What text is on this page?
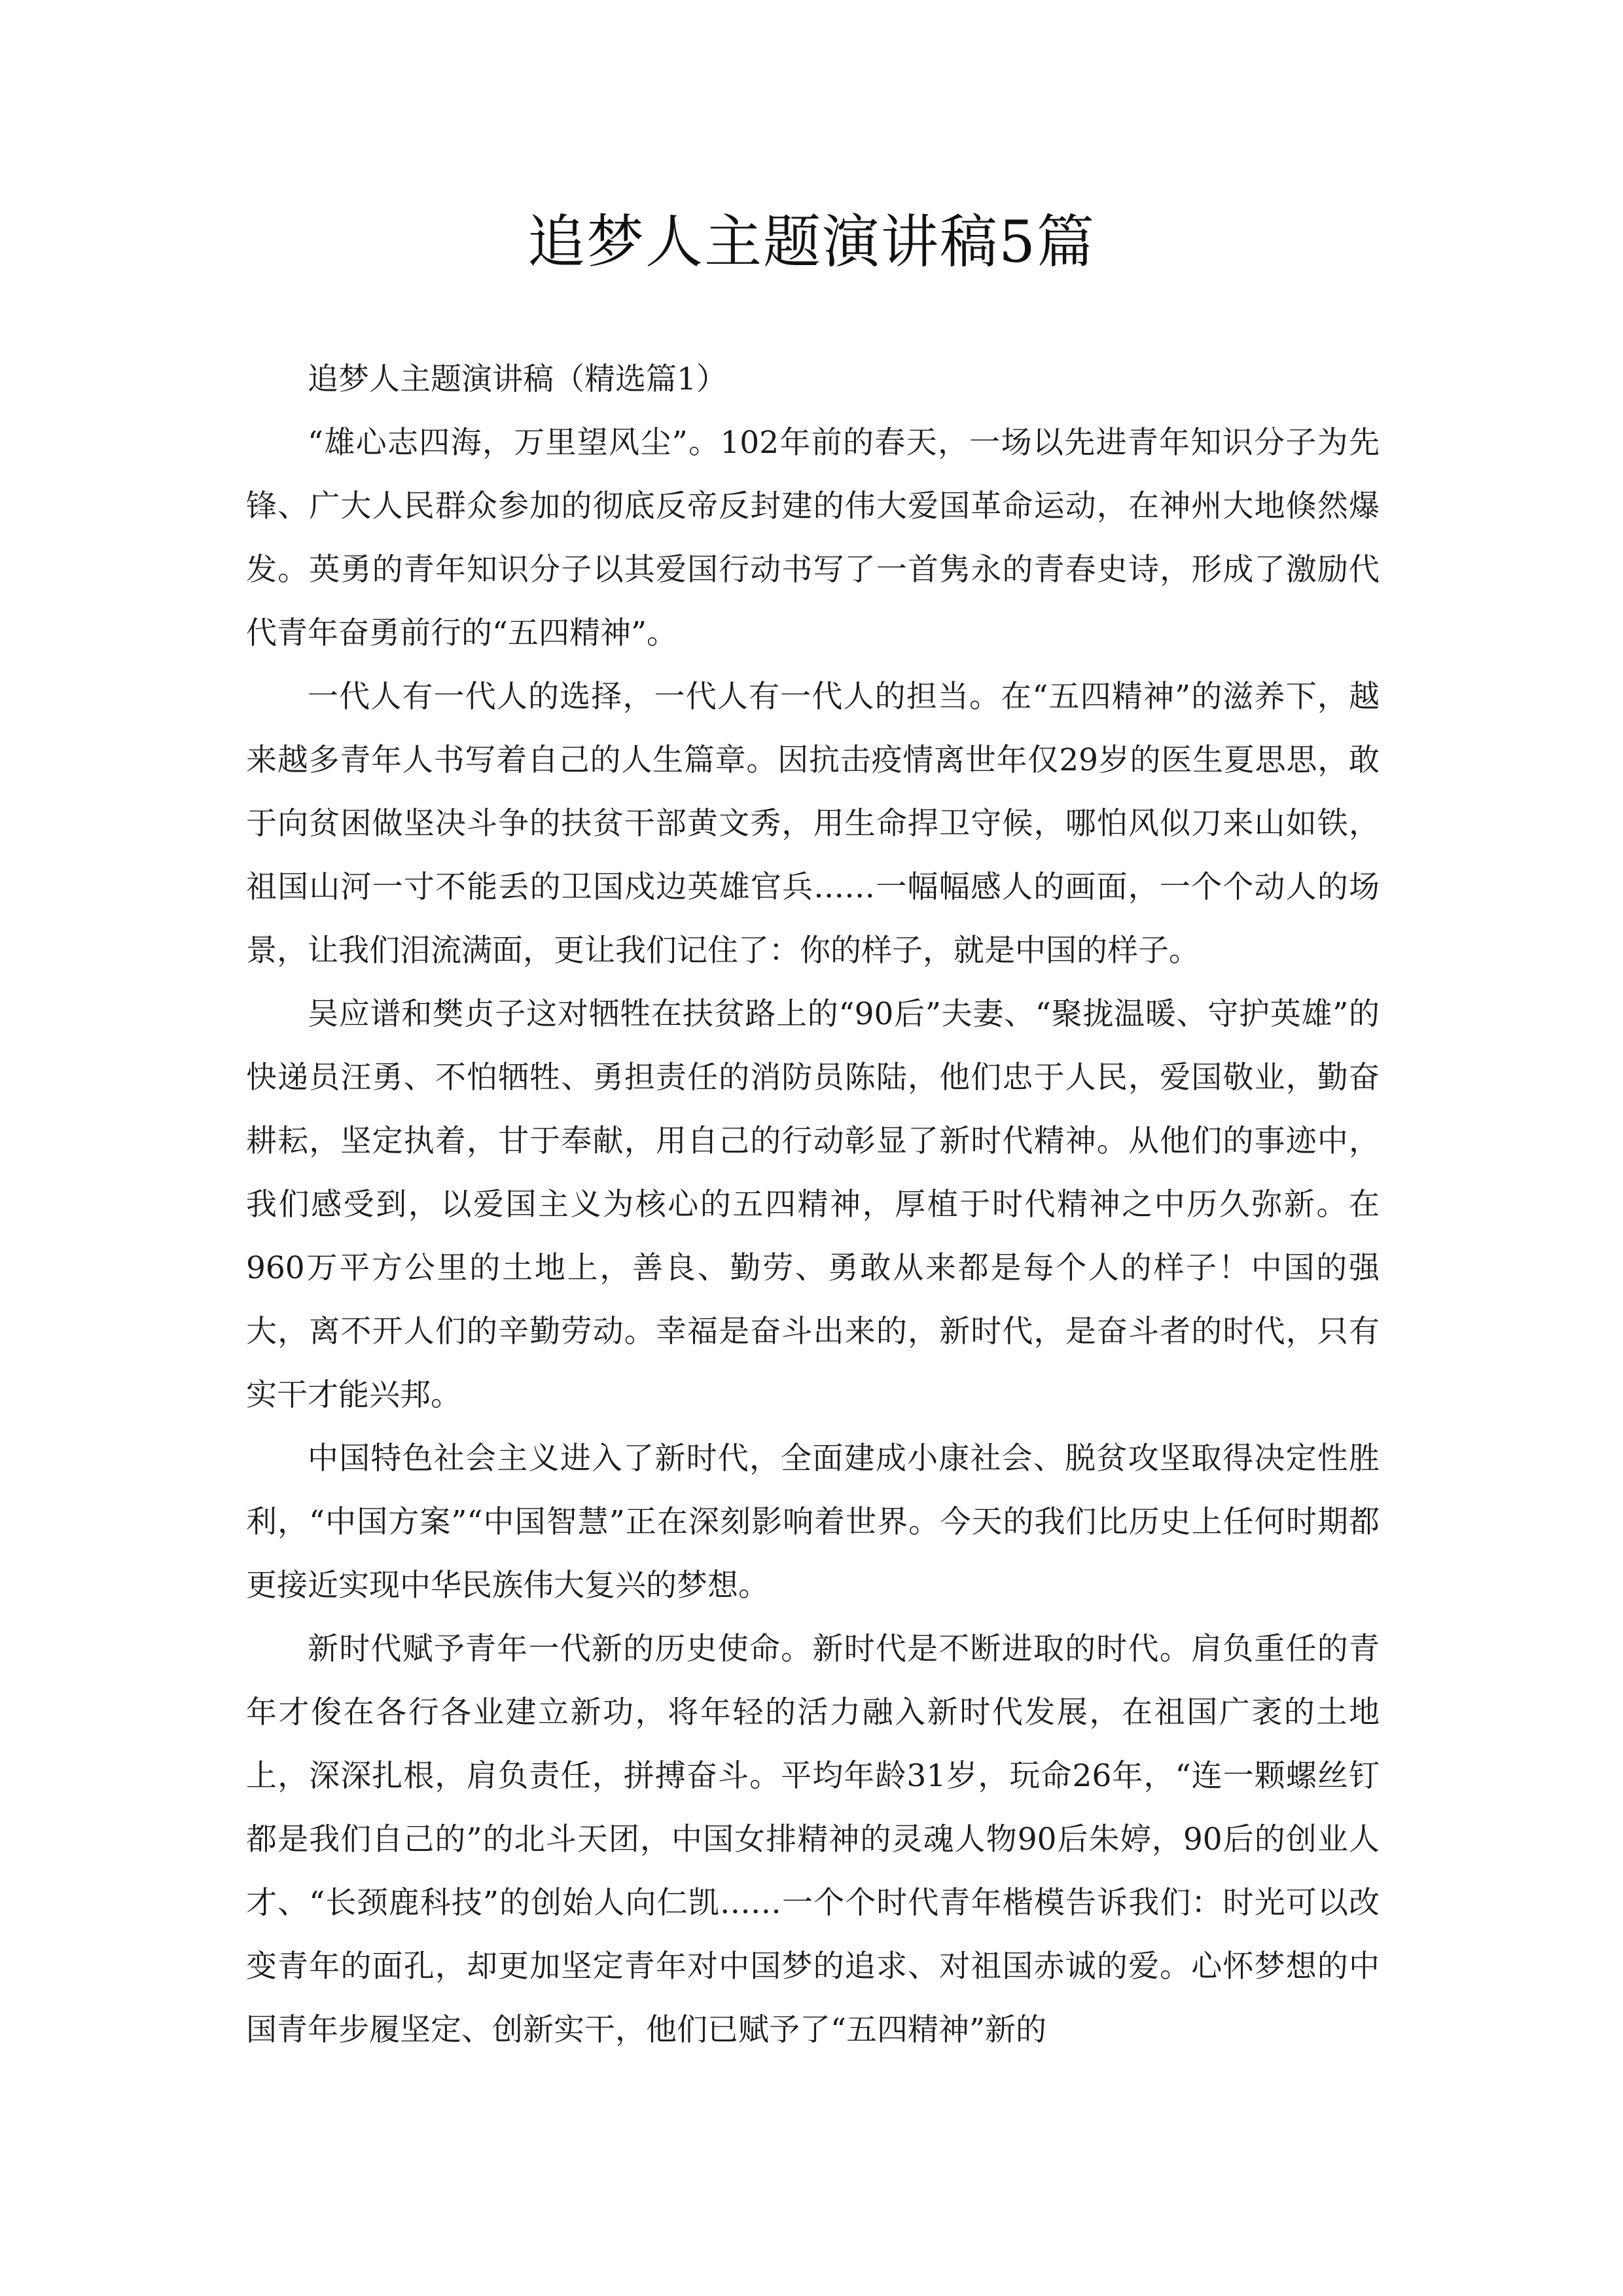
追梦人主题演讲稿5篇

追梦人主题演讲稿（精选篇1）

“雄心志四海，万里望风尘”。102年前的春天，一场以先进青年知识分子为先锋、广大人民群众参加的彻底反帝反封建的伟大爱国革命运动，在神州大地倏然爆发。英勇的青年知识分子以其爱国行动书写了一首隽永的青春史诗，形成了激励代代青年奋勇前行的“五四精神”。

一代人有一代人的选择，一代人有一代人的担当。在“五四精神”的滋养下，越来越多青年人书写着自己的人生篇章。因抗击疫情离世年仅29岁的医生夏思思，敢于向贫困做坚决斗争的扶贫干部黄文秀，用生命捍卫守候，哪怕风似刀来山如铁，祖国山河一寸不能丢的卫国戍边英雄官兵……一幅幅感人的画面，一个个动人的场景，让我们泪流满面，更让我们记住了：你的样子，就是中国的样子。

吴应谱和樊贞子这对牺牲在扶贫路上的“90后”夫妻、“聚拢温暖、守护英雄”的快递员汪勇、不怕牺牲、勇担责任的消防员陈陆，他们忠于人民，爱国敬业，勤奋耕耘，坚定执着，甘于奉献，用自己的行动彰显了新时代精神。从他们的事迹中，我们感受到，以爱国主义为核心的五四精神，厚植于时代精神之中历久弥新。在960万平方公里的土地上，善良、勤劳、勇敢从来都是每个人的样子！中国的强大，离不开人们的辛勤劳动。幸福是奋斗出来的，新时代，是奋斗者的时代，只有实干才能兴邦。

中国特色社会主义进入了新时代，全面建成小康社会、脱贫攻坚取得决定性胜利，“中国方案”“中国智慧”正在深刻影响着世界。今天的我们比历史上任何时期都更接近实现中华民族伟大复兴的梦想。

新时代赋予青年一代新的历史使命。新时代是不断进取的时代。肩负重任的青年才俊在各行各业建立新功，将年轻的活力融入新时代发展，在祖国广袤的土地上，深深扎根，肩负责任，拼搏奋斗。平均年龄31岁，玩命26年，“连一颗螺丝钉都是我们自己的”的北斗天团，中国女排精神的灵魂人物90后朱婷，90后的创业人才、“长颈鹿科技”的创始人向仁凯……一个个时代青年楷模告诉我们：时光可以改变青年的面孔，却更加坚定青年对中国梦的追求、对祖国赤诚的爱。心怀梦想的中国青年步履坚定、创新实干，他们已赋予了“五四精神”新的
